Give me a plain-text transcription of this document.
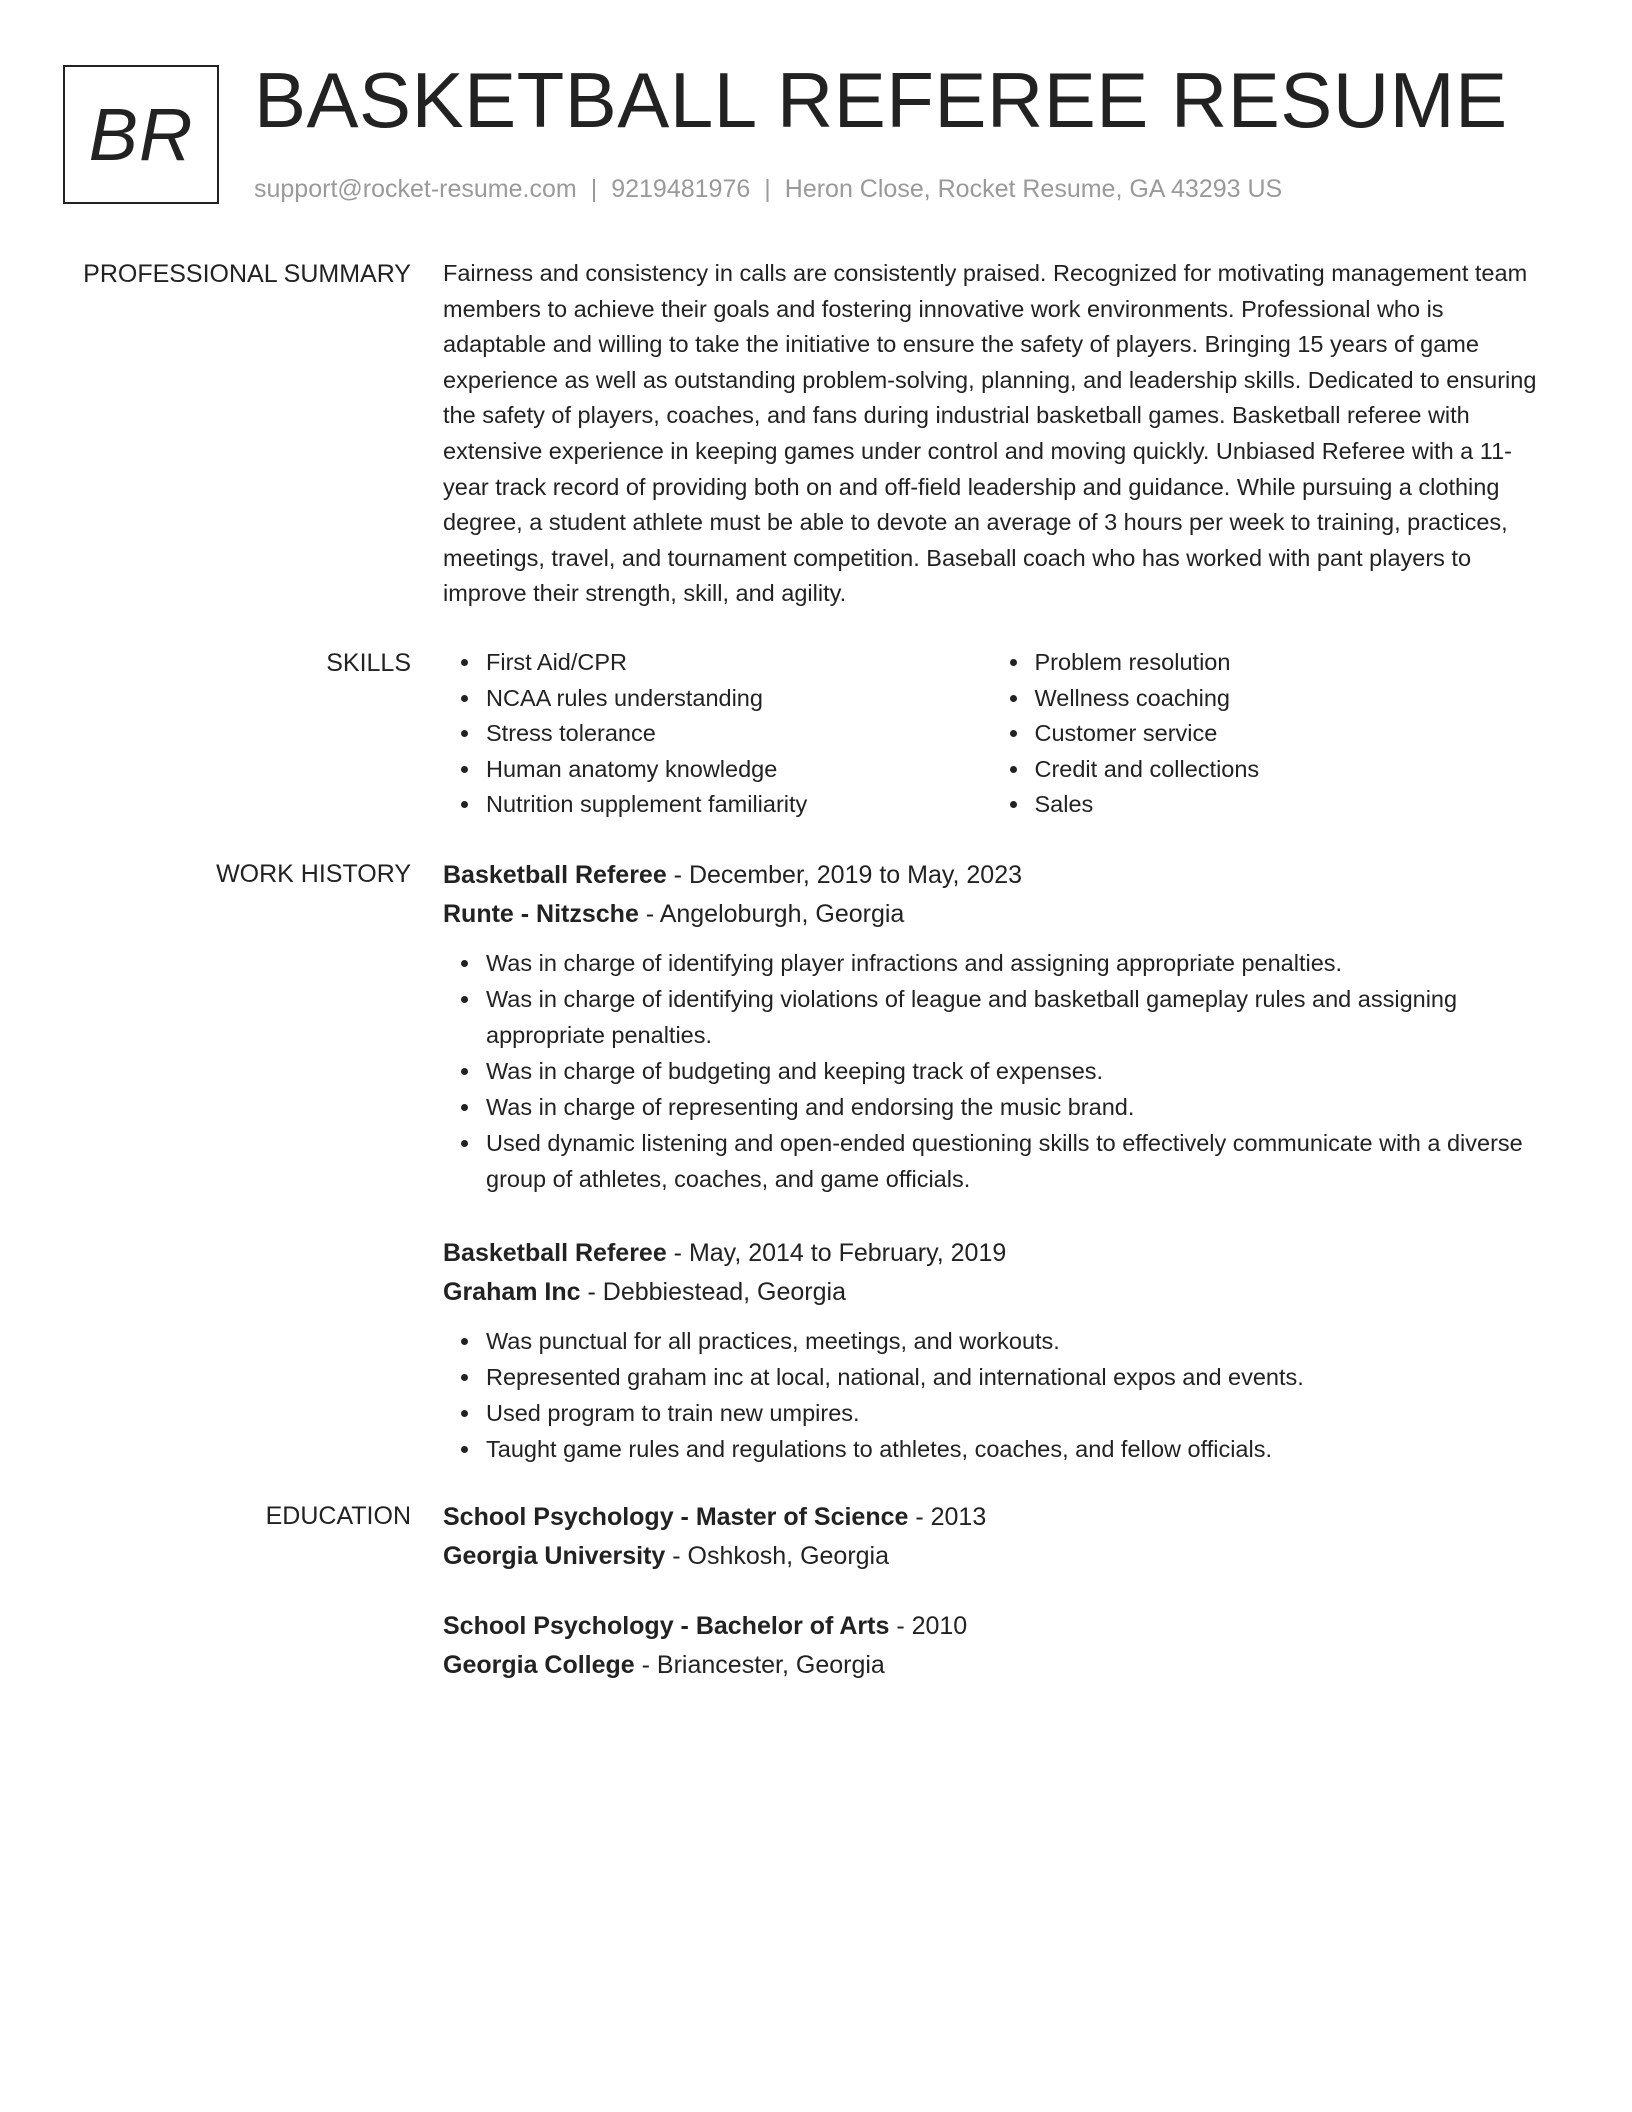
BR BASKETBALL REFEREE RESUME
support@rocket-resume.com | 9219481976 | Heron Close, Rocket Resume, GA 43293 US
PROFESSIONAL SUMMARY Fairness and consistency in calls are consistently praised. Recognized for motivating management team members to achieve their goals and fostering innovative work environments. Professional who is adaptable and willing to take the initiative to ensure the safety of players. Bringing 15 years of game experience as well as outstanding problem-solving, planning, and leadership skills. Dedicated to ensuring the safety of players, coaches, and fans during industrial basketball games. Basketball referee with extensive experience in keeping games under control and moving quickly. Unbiased Referee with a 11-year track record of providing both on and off-field leadership and guidance. While pursuing a clothing degree, a student athlete must be able to devote an average of 3 hours per week to training, practices, meetings, travel, and tournament competition. Baseball coach who has worked with pant players to improve their strength, skill, and agility.

SKILLS	First Aid/CPR
NCAA rules understanding
Stress tolerance
Human anatomy knowledge
Nutrition supplement familiarity
Problem resolution
Wellness coaching
Customer service
Credit and collections
Sales
WORK HISTORY Basketball Referee - December, 2019 to May, 2023
Runte - Nitzsche - Angeloburgh, Georgia
Was in charge of identifying player infractions and assigning appropriate penalties.
Was in charge of identifying violations of league and basketball gameplay rules and assigning appropriate penalties.
Was in charge of budgeting and keeping track of expenses.
Was in charge of representing and endorsing the music brand.
Used dynamic listening and open-ended questioning skills to effectively communicate with a diverse group of athletes, coaches, and game officials.
Basketball Referee - May, 2014 to February, 2019
Graham Inc - Debbiestead, Georgia
Was punctual for all practices, meetings, and workouts.
Represented graham inc at local, national, and international expos and events.
Used program to train new umpires.
Taught game rules and regulations to athletes, coaches, and fellow officials.
EDUCATION School Psychology - Master of Science - 2013
Georgia University - Oshkosh, Georgia
School Psychology - Bachelor of Arts - 2010
Georgia College - Briancester, Georgia
